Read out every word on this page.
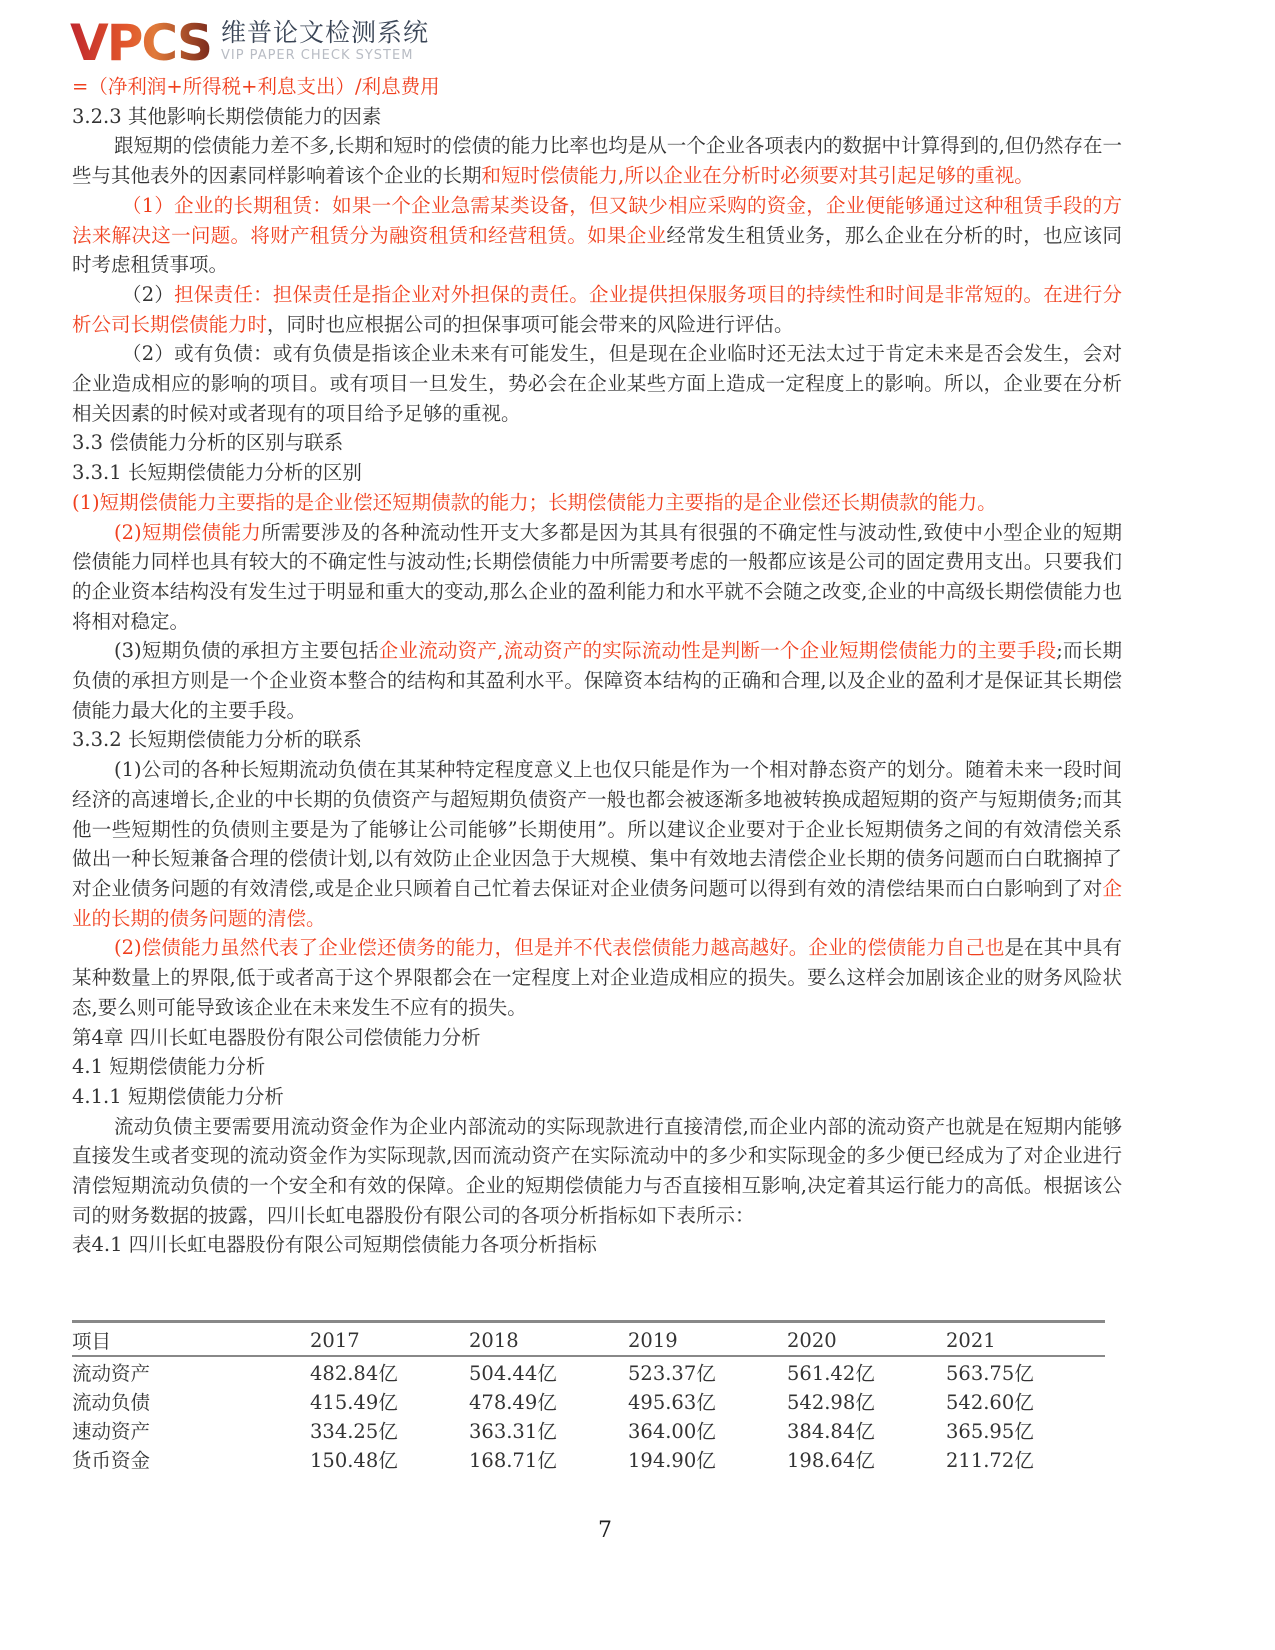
VPCS 维普论文检测系统
VIP PAPER CHECK SYSTEM

=（净利润+所得税+利息支出）/利息费用

3.2.3 其他影响长期偿债能力的因素

跟短期的偿债能力差不多,长期和短时的偿债的能力比率也均是从一个企业各项表内的数据中计算得到的,但仍然存在一些与其他表外的因素同样影响着该个企业的长期和短时偿债能力,所以企业在分析时必须要对其引起足够的重视。

（1）企业的长期租赁：如果一个企业急需某类设备，但又缺少相应采购的资金，企业便能够通过这种租赁手段的方法来解决这一问题。将财产租赁分为融资租赁和经营租赁。如果企业经常发生租赁业务，那么企业在分析的时，也应该同时考虑租赁事项。

（2）担保责任：担保责任是指企业对外担保的责任。企业提供担保服务项目的持续性和时间是非常短的。在进行分析公司长期偿债能力时，同时也应根据公司的担保事项可能会带来的风险进行评估。

（2）或有负债：或有负债是指该企业未来有可能发生，但是现在企业临时还无法太过于肯定未来是否会发生，会对企业造成相应的影响的项目。或有项目一旦发生，势必会在企业某些方面上造成一定程度上的影响。所以，企业要在分析相关因素的时候对或者现有的项目给予足够的重视。

3.3 偿债能力分析的区别与联系

3.3.1 长短期偿债能力分析的区别

(1)短期偿债能力主要指的是企业偿还短期债款的能力；长期偿债能力主要指的是企业偿还长期债款的能力。

(2)短期偿债能力所需要涉及的各种流动性开支大多都是因为其具有很强的不确定性与波动性,致使中小型企业的短期偿债能力同样也具有较大的不确定性与波动性;长期偿债能力中所需要考虑的一般都应该是公司的固定费用支出。只要我们的企业资本结构没有发生过于明显和重大的变动,那么企业的盈利能力和水平就不会随之改变,企业的中高级长期偿债能力也将相对稳定。

(3)短期负债的承担方主要包括企业流动资产,流动资产的实际流动性是判断一个企业短期偿债能力的主要手段;而长期负债的承担方则是一个企业资本整合的结构和其盈利水平。保障资本结构的正确和合理,以及企业的盈利才是保证其长期偿债能力最大化的主要手段。

3.3.2 长短期偿债能力分析的联系

(1)公司的各种长短期流动负债在其某种特定程度意义上也仅只能是作为一个相对静态资产的划分。随着未来一段时间经济的高速增长,企业的中长期的负债资产与超短期负债资产一般也都会被逐渐多地被转换成超短期的资产与短期债务;而其他一些短期性的负债则主要是为了能够让公司能够”长期使用”。所以建议企业要对于企业长短期债务之间的有效清偿关系做出一种长短兼备合理的偿债计划,以有效防止企业因急于大规模、集中有效地去清偿企业长期的债务问题而白白耽搁掉了对企业债务问题的有效清偿,或是企业只顾着自己忙着去保证对企业债务问题可以得到有效的清偿结果而白白影响到了对企业的长期的债务问题的清偿。

(2)偿债能力虽然代表了企业偿还债务的能力，但是并不代表偿债能力越高越好。企业的偿债能力自己也是在其中具有某种数量上的界限,低于或者高于这个界限都会在一定程度上对企业造成相应的损失。要么这样会加剧该企业的财务风险状态,要么则可能导致该企业在未来发生不应有的损失。

第4章 四川长虹电器股份有限公司偿债能力分析

4.1 短期偿债能力分析

4.1.1 短期偿债能力分析

流动负债主要需要用流动资金作为企业内部流动的实际现款进行直接清偿,而企业内部的流动资产也就是在短期内能够直接发生或者变现的流动资金作为实际现款,因而流动资产在实际流动中的多少和实际现金的多少便已经成为了对企业进行清偿短期流动负债的一个安全和有效的保障。企业的短期偿债能力与否直接相互影响,决定着其运行能力的高低。根据该公司的财务数据的披露，四川长虹电器股份有限公司的各项分析指标如下表所示：

表4.1 四川长虹电器股份有限公司短期偿债能力各项分析指标

项目	2017	2018	2019	2020	2021
流动资产	482.84亿	504.44亿	523.37亿	561.42亿	563.75亿
流动负债	415.49亿	478.49亿	495.63亿	542.98亿	542.60亿
速动资产	334.25亿	363.31亿	364.00亿	384.84亿	365.95亿
货币资金	150.48亿	168.71亿	194.90亿	198.64亿	211.72亿
7
